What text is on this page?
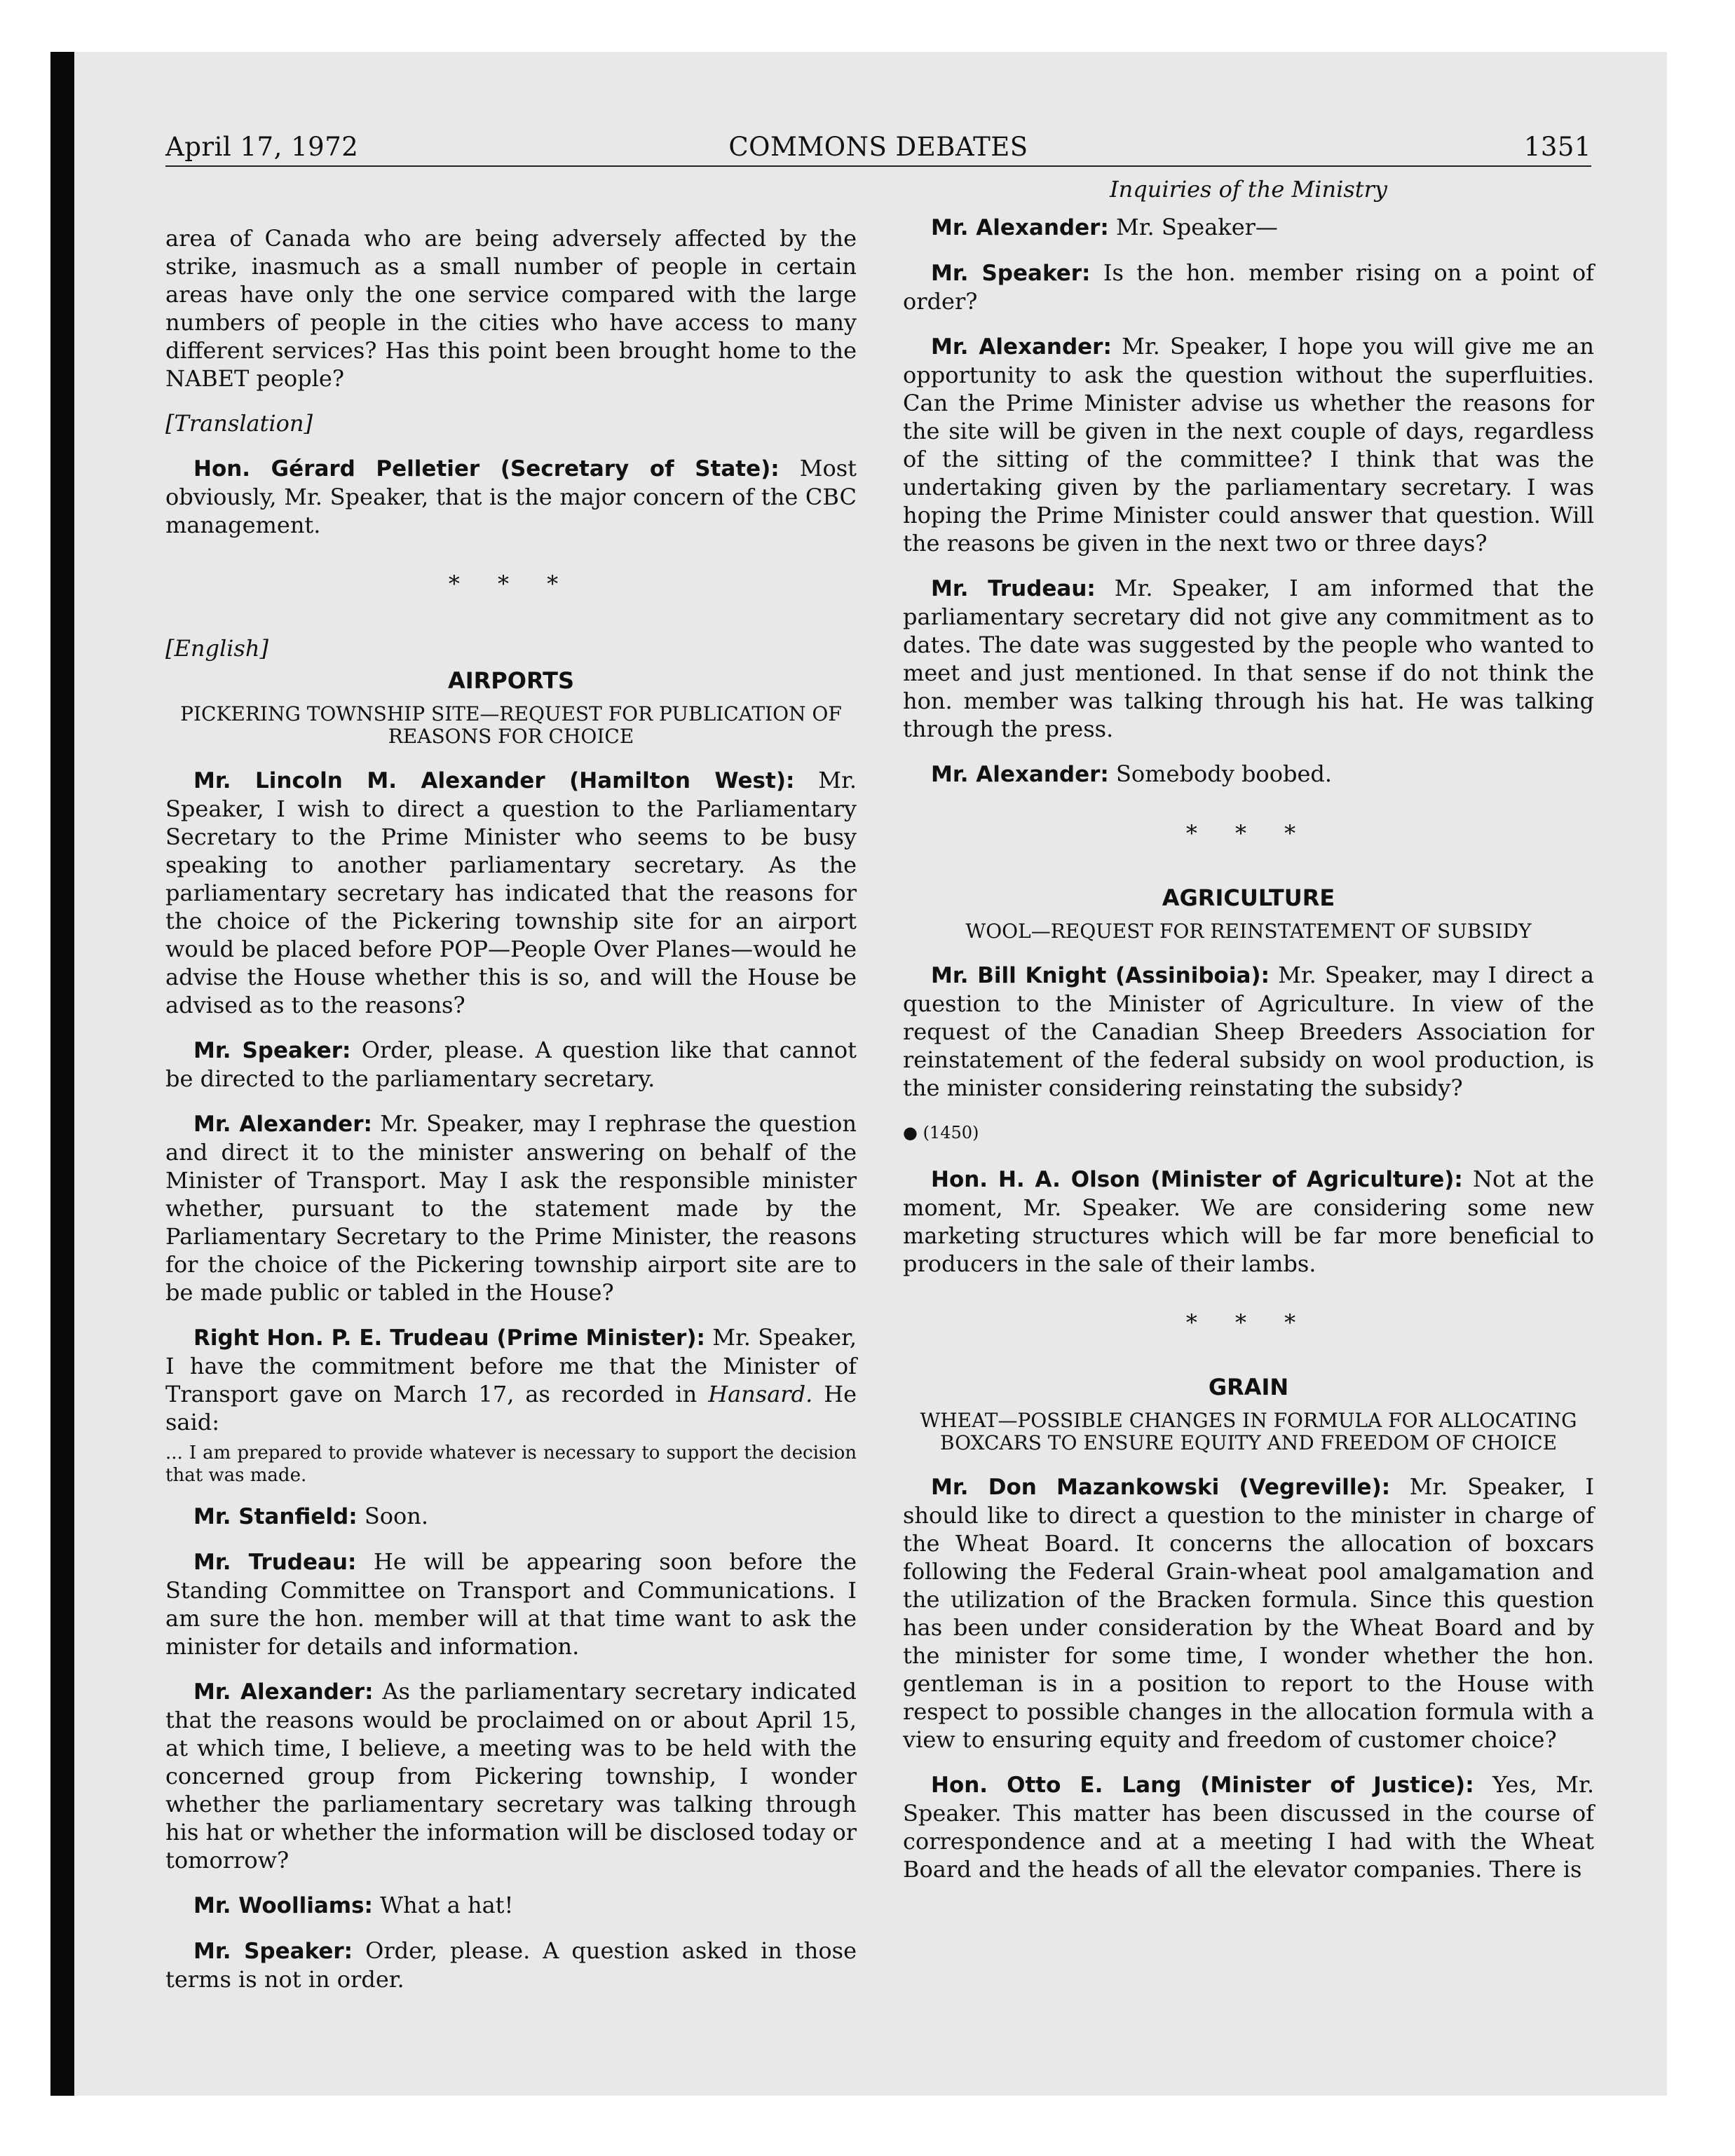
April 17, 1972	COMMONS DEBATES	1351

area of Canada who are being adversely affected by the strike, inasmuch as a small number of people in certain areas have only the one service compared with the large numbers of people in the cities who have access to many different services? Has this point been brought home to the NABET people?

[Translation]

Hon. Gérard Pelletier (Secretary of State): Most obviously, Mr. Speaker, that is the major concern of the CBC management.

* * *

[English]

AIRPORTS
PICKERING TOWNSHIP SITE—REQUEST FOR PUBLICATION OF REASONS FOR CHOICE

Mr. Lincoln M. Alexander (Hamilton West): Mr. Speaker, I wish to direct a question to the Parliamentary Secretary to the Prime Minister who seems to be busy speaking to another parliamentary secretary. As the parliamentary secretary has indicated that the reasons for the choice of the Pickering township site for an airport would be placed before POP—People Over Planes—would he advise the House whether this is so, and will the House be advised as to the reasons?

Mr. Speaker: Order, please. A question like that cannot be directed to the parliamentary secretary.

Mr. Alexander: Mr. Speaker, may I rephrase the question and direct it to the minister answering on behalf of the Minister of Transport. May I ask the responsible minister whether, pursuant to the statement made by the Parliamentary Secretary to the Prime Minister, the reasons for the choice of the Pickering township airport site are to be made public or tabled in the House?

Right Hon. P. E. Trudeau (Prime Minister): Mr. Speaker, I have the commitment before me that the Minister of Transport gave on March 17, as recorded in Hansard. He said:

... I am prepared to provide whatever is necessary to support the decision that was made.

Mr. Stanfield: Soon.

Mr. Trudeau: He will be appearing soon before the Standing Committee on Transport and Communications. I am sure the hon. member will at that time want to ask the minister for details and information.

Mr. Alexander: As the parliamentary secretary indicated that the reasons would be proclaimed on or about April 15, at which time, I believe, a meeting was to be held with the concerned group from Pickering township, I wonder whether the parliamentary secretary was talking through his hat or whether the information will be disclosed today or tomorrow?

Mr. Woolliams: What a hat!

Mr. Speaker: Order, please. A question asked in those terms is not in order.

Inquiries of the Ministry

Mr. Alexander: Mr. Speaker—

Mr. Speaker: Is the hon. member rising on a point of order?

Mr. Alexander: Mr. Speaker, I hope you will give me an opportunity to ask the question without the superfluities. Can the Prime Minister advise us whether the reasons for the site will be given in the next couple of days, regardless of the sitting of the committee? I think that was the undertaking given by the parliamentary secretary. I was hoping the Prime Minister could answer that question. Will the reasons be given in the next two or three days?

Mr. Trudeau: Mr. Speaker, I am informed that the parliamentary secretary did not give any commitment as to dates. The date was suggested by the people who wanted to meet and just mentioned. In that sense if do not think the hon. member was talking through his hat. He was talking through the press.

Mr. Alexander: Somebody boobed.

* * *
AGRICULTURE
WOOL—REQUEST FOR REINSTATEMENT OF SUBSIDY

Mr. Bill Knight (Assiniboia): Mr. Speaker, may I direct a question to the Minister of Agriculture. In view of the request of the Canadian Sheep Breeders Association for reinstatement of the federal subsidy on wool production, is the minister considering reinstating the subsidy?

● (1450)

Hon. H. A. Olson (Minister of Agriculture): Not at the moment, Mr. Speaker. We are considering some new marketing structures which will be far more beneficial to producers in the sale of their lambs.

* * *
GRAIN
WHEAT—POSSIBLE CHANGES IN FORMULA FOR ALLOCATING BOXCARS TO ENSURE EQUITY AND FREEDOM OF CHOICE

Mr. Don Mazankowski (Vegreville): Mr. Speaker, I should like to direct a question to the minister in charge of the Wheat Board. It concerns the allocation of boxcars following the Federal Grain-wheat pool amalgamation and the utilization of the Bracken formula. Since this question has been under consideration by the Wheat Board and by the minister for some time, I wonder whether the hon. gentleman is in a position to report to the House with respect to possible changes in the allocation formula with a view to ensuring equity and freedom of customer choice?

Hon. Otto E. Lang (Minister of Justice): Yes, Mr. Speaker. This matter has been discussed in the course of correspondence and at a meeting I had with the Wheat Board and the heads of all the elevator companies. There is
